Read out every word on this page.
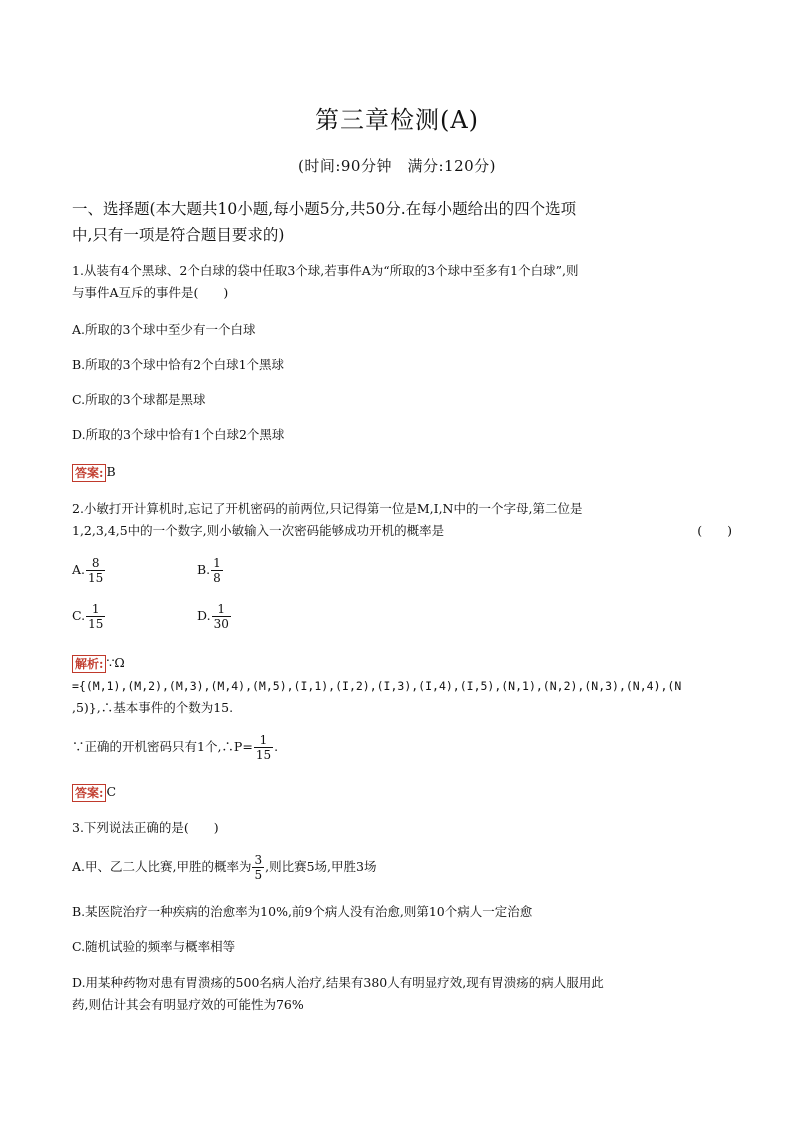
第三章检测(A)
(时间:90分钟　满分:120分)
一、选择题(本大题共10小题,每小题5分,共50分.在每小题给出的四个选项
中,只有一项是符合题目要求的)
1.从装有4个黑球、2个白球的袋中任取3个球,若事件A为“所取的3个球中至多有1个白球”,则
与事件A互斥的事件是(　　)
A.所取的3个球中至少有一个白球
B.所取的3个球中恰有2个白球1个黑球
C.所取的3个球都是黑球
D.所取的3个球中恰有1个白球2个黑球
答案: B
2.小敏打开计算机时,忘记了开机密码的前两位,只记得第一位是M,I,N中的一个字母,第二位是
1,2,3,4,5中的一个数字,则小敏输入一次密码能够成功开机的概率是	(　　)
A. $\frac{8}{15}$	B. $\frac{1}{8}$
C. $\frac{1}{15}$	D. $\frac{1}{30}$
解析: ∵Ω
={(M,1),(M,2),(M,3),(M,4),(M,5),(I,1),(I,2),(I,3),(I,4),(I,5),(N,1),(N,2),(N,3),(N,4),(N
,5)},∴基本事件的个数为15.
∵正确的开机密码只有1个,∴P= $\frac{1}{15}$ .
答案: C
3.下列说法正确的是(　　)
A.甲、乙二人比赛,甲胜的概率为 $\frac{3}{5}$ ,则比赛5场,甲胜3场
B.某医院治疗一种疾病的治愈率为10%,前9个病人没有治愈,则第10个病人一定治愈
C.随机试验的频率与概率相等
D.用某种药物对患有胃溃疡的500名病人治疗,结果有380人有明显疗效,现有胃溃疡的病人服用此
药,则估计其会有明显疗效的可能性为76%
